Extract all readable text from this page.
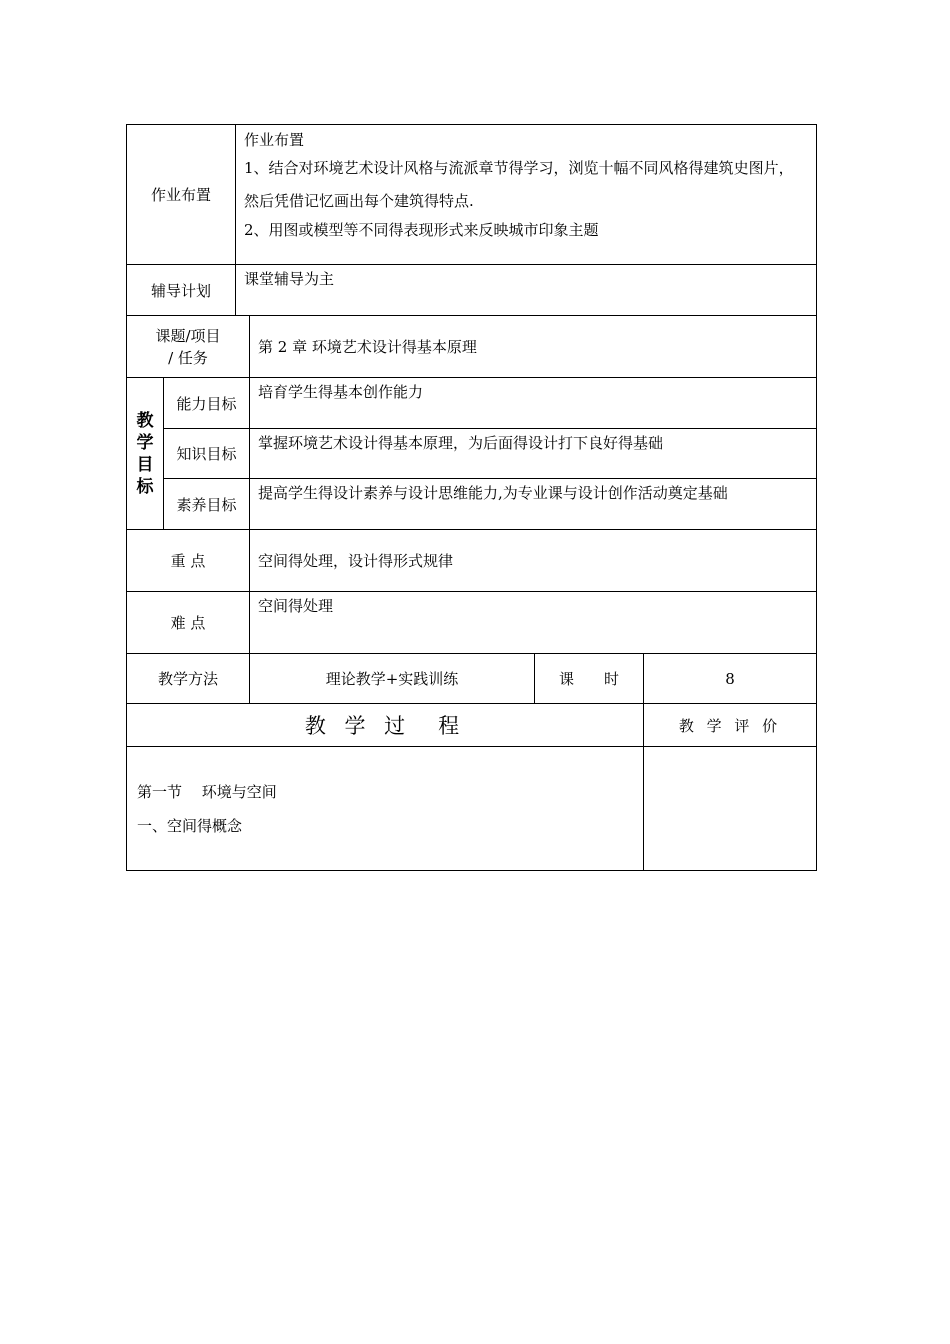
作业布置		作业布置

1、结合对环境艺术设计风格与流派章节得学习，浏览十幅不同风格得建筑史图片，然后凭借记忆画出每个建筑得特点.

2、用图或模型等不同得表现形式来反映城市印象主题			

辅导计划		课堂辅导为主			

课题/项目
/ 任务			第 2 章 环境艺术设计得基本原理		

教
学
目
标	能力目标		培育学生得基本创作能力		
	知识目标		掌握环境艺术设计得基本原理，为后面得设计打下良好得基础		
	素养目标		提高学生得设计素养与设计思维能力,为专业课与设计创作活动奠定基础		
重 点			空间得处理，设计得形式规律		
难 点			空间得处理		
教学方法			理论教学+实践训练	课　　时	8
教 学 过　程					教 学 评 价

第一节　 环境与空间
一、空间得概念					
